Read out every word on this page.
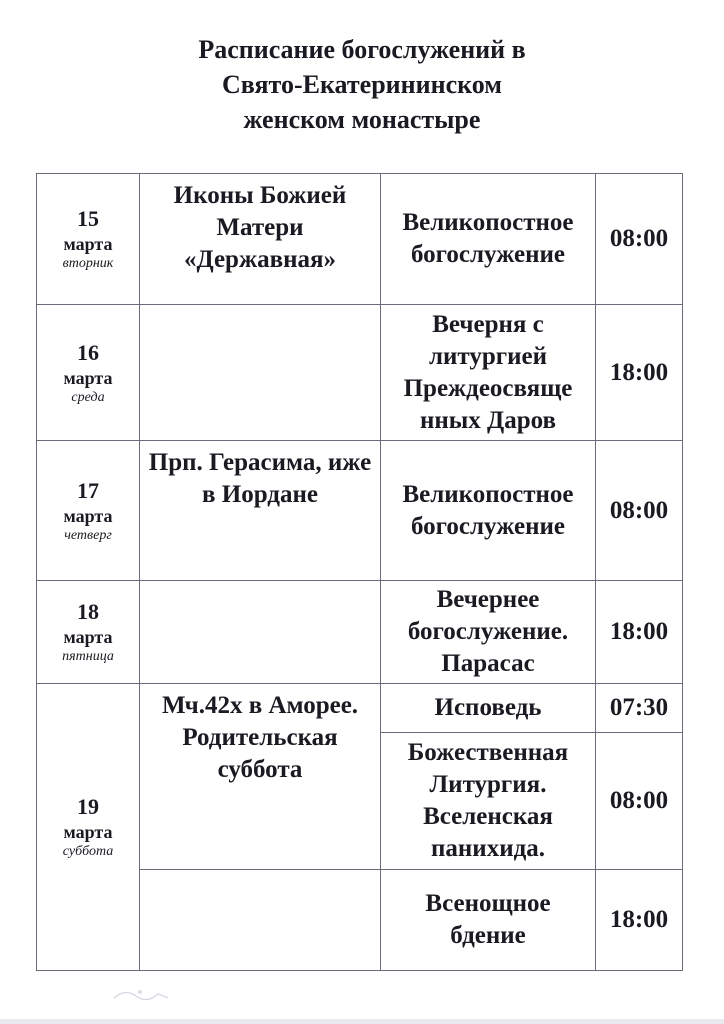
Расписание богослужений в
Свято-Екатерининском
женском монастыре
15
марта
вторник	Иконы Божией Матери «Державная»	Великопостное богослужение	08:00

16
марта
среда		Вечерня с литургией Преждеосвяще нных Даров	18:00

17
марта
четверг	Прп. Герасима, иже в Иордане	Великопостное богослужение	08:00

18
марта
пятница		Вечернее богослужение. Парасас	18:00

19
марта
суббота	Мч.42х в Аморее. Родительская суббота	Исповедь	07:30
		Божественная Литургия. Вселенская панихида.	08:00
		Всенощное бдение	18:00
